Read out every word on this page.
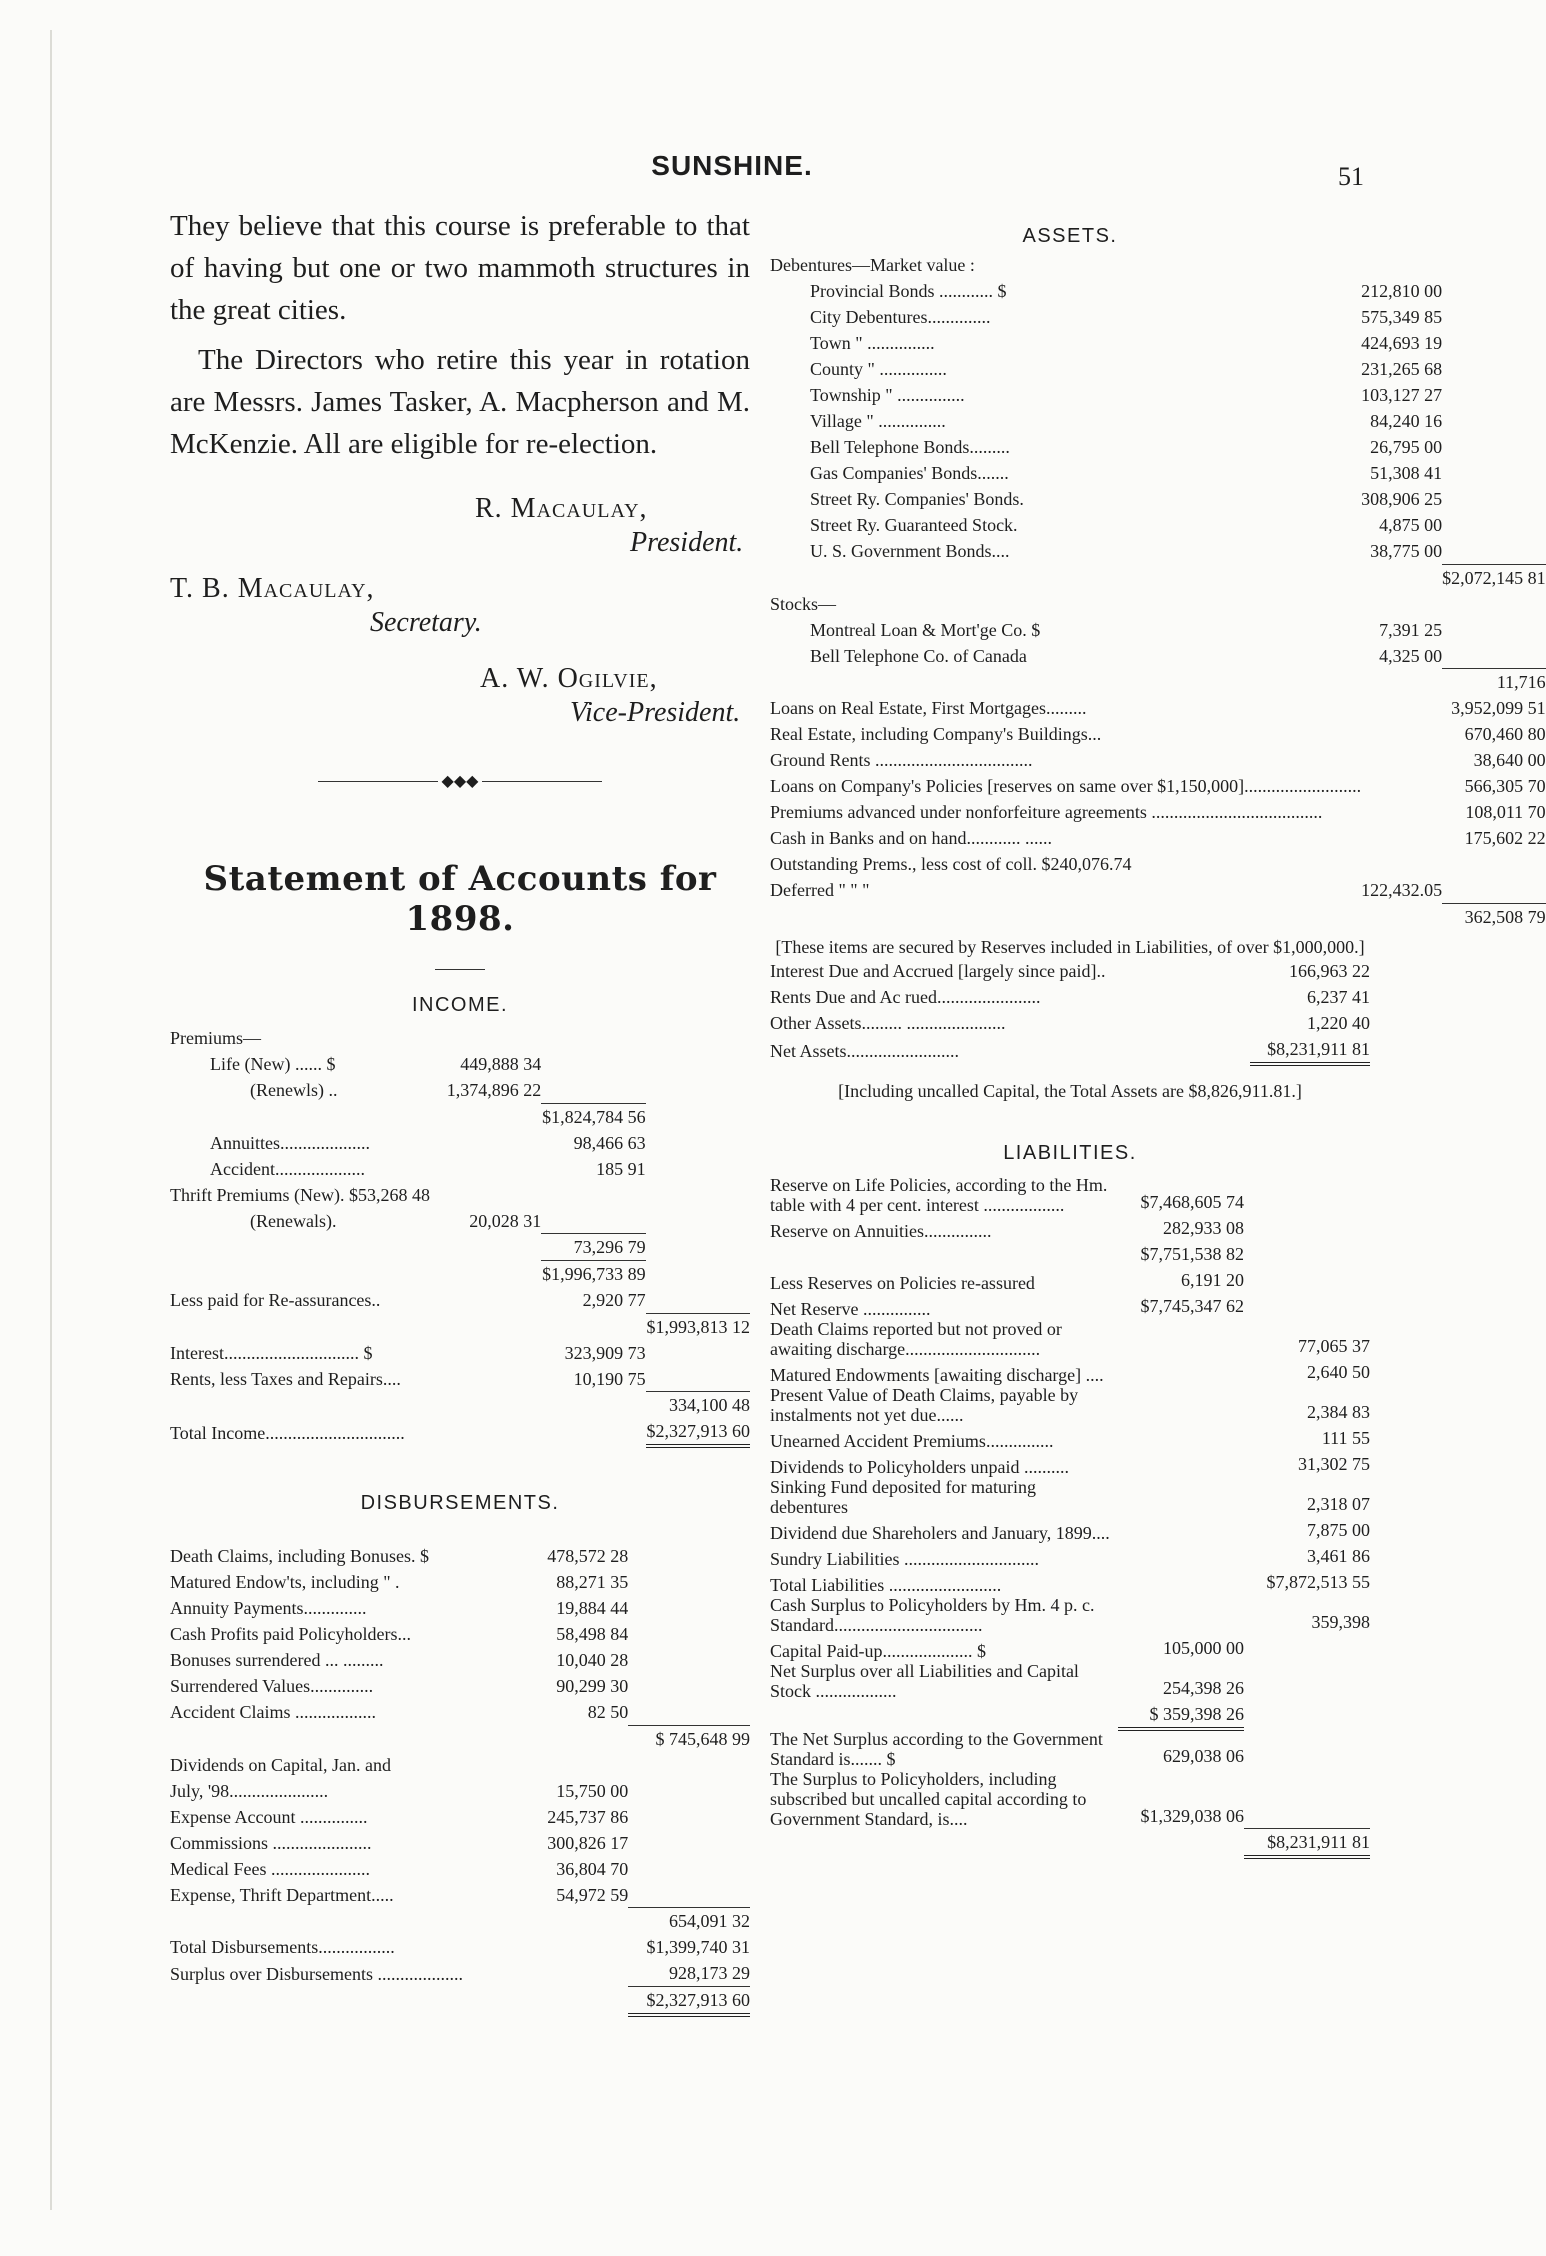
SUNSHINE.	51

They believe that this course is preferable to that of having but one or two mammoth structures in the great cities.

The Directors who retire this year in rotation are Messrs. James Tasker, A. Macpherson and M. McKenzie. All are eligible for re-election.

R. Macaulay,
President.
T. B. Macaulay,
Secretary.
A. W. Ogilvie,
Vice-President.
◆◆◆
Statement of Accounts for 1898.
INCOME.
Premiums—			
Life (New) ...... $	449,888 34		
(Renewls) ..	1,374,896 22		
		$1,824,784 56	
Annuittes....................		98,466 63	
Accident....................		185 91	
Thrift Premiums (New). $53,268 48			
(Renewals).	20,028 31		
		73,296 79	
		$1,996,733 89	
Less paid for Re-assurances..		2,920 77	
			$1,993,813 12
Interest.............................. $		323,909 73	
Rents, less Taxes and Repairs....		10,190 75	
			334,100 48
Total Income...............................			$2,327,913 60
DISBURSEMENTS.
Death Claims, including Bonuses. $	478,572 28	
Matured Endow'ts, including " .	88,271 35	
Annuity Payments..............	19,884 44	
Cash Profits paid Policyholders...	58,498 84	
Bonuses surrendered ... .........	10,040 28	
Surrendered Values..............	90,299 30	
Accident Claims ..................	82 50	
		$ 745,648 99
Dividends on Capital, Jan. and		
July, '98......................	15,750 00	
Expense Account ...............	245,737 86	
Commissions ......................	300,826 17	
Medical Fees ......................	36,804 70	
Expense, Thrift Department.....	54,972 59	
		654,091 32
Total Disbursements.................		$1,399,740 31
Surplus over Disbursements ...................		928,173 29
		$2,327,913 60
ASSETS.
Debentures—Market value :		
Provincial Bonds ............ $	212,810 00	
City Debentures..............	575,349 85	
Town " ...............	424,693 19	
County " ...............	231,265 68	
Township " ...............	103,127 27	
Village " ...............	84,240 16	
Bell Telephone Bonds.........	26,795 00	
Gas Companies' Bonds.......	51,308 41	
Street Ry. Companies' Bonds.	308,906 25	
Street Ry. Guaranteed Stock.	4,875 00	
U. S. Government Bonds....	38,775 00	
		$2,072,145 81
Stocks—		
Montreal Loan & Mort'ge Co. $	7,391 25	
Bell Telephone Co. of Canada	4,325 00	
		11,716
Loans on Real Estate, First Mortgages.........		3,952,099 51
Real Estate, including Company's Buildings...		670,460 80
Ground Rents ...................................		38,640 00
Loans on Company's Policies [reserves on same over $1,150,000]..........................		566,305 70
Premiums advanced under nonforfeiture agreements ......................................		108,011 70
Cash in Banks and on hand............ ......		175,602 22
Outstanding Prems., less cost of coll. $240,076.74		
Deferred " " "	122,432.05	
		362,508 79
[These items are secured by Reserves included in Liabilities, of over $1,000,000.]
Interest Due and Accrued [largely since paid]..	166,963 22
Rents Due and Ac rued.......................	6,237 41
Other Assets......... ......................	1,220 40
Net Assets.........................	$8,231,911 81
[Including uncalled Capital, the Total Assets are $8,826,911.81.]
LIABILITIES.
Reserve on Life Policies, according to the Hm. table with 4 per cent. interest ..................	$7,468,605 74	
Reserve on Annuities...............	282,933 08	
	$7,751,538 82	
Less Reserves on Policies re-assured	6,191 20	
Net Reserve ...............	$7,745,347 62	
Death Claims reported but not proved or awaiting discharge..............................		77,065 37
Matured Endowments [awaiting discharge] ....		2,640 50
Present Value of Death Claims, payable by instalments not yet due......		2,384 83
Unearned Accident Premiums...............		111 55
Dividends to Policyholders unpaid ..........		31,302 75
Sinking Fund deposited for maturing debentures		2,318 07
Dividend due Shareholers and January, 1899....		7,875 00
Sundry Liabilities ..............................		3,461 86
Total Liabilities .........................		$7,872,513 55
Cash Surplus to Policyholders by Hm. 4 p. c. Standard.................................		359,398
Capital Paid-up.................... $	105,000 00	
Net Surplus over all Liabilities and Capital Stock ..................	254,398 26	
	$ 359,398 26	
The Net Surplus according to the Government Standard is....... $	629,038 06	
The Surplus to Policyholders, including subscribed but uncalled capital according to Government Standard, is....	$1,329,038 06	
		$8,231,911 81
